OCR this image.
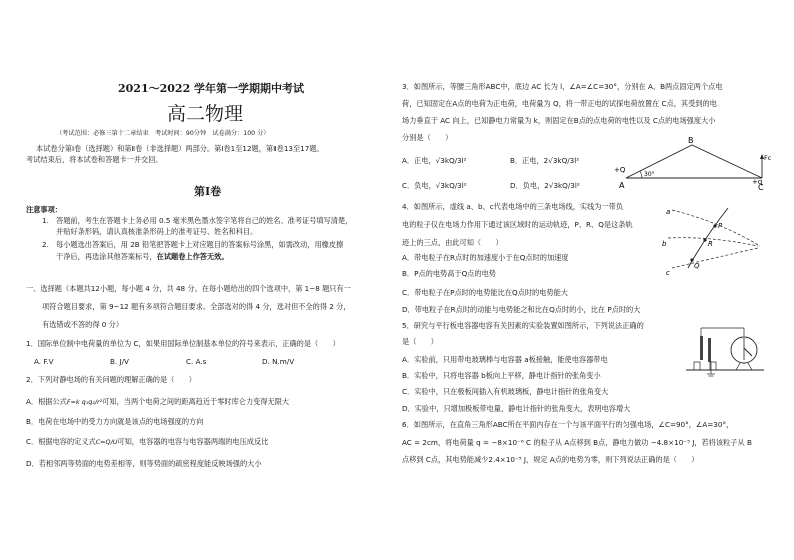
2021～2022 学年第一学期期中考试
高二物理
（考试范围：必修三第十二章结束　考试时间：90分钟　试卷满分：100 分）
本试卷分第Ⅰ卷（选择题）和第Ⅱ卷（非选择题）两部分。第Ⅰ卷1至12题，第Ⅱ卷13至17题。
考试结束后，将本试卷和答题卡一并交回。
第Ⅰ卷
注意事项：
1.　答题前，考生在答题卡上务必用 0.5 毫米黑色墨水签字笔将自己的姓名、准考证号填写清楚，
并贴好条形码，请认真核准条形码上的准考证号、姓名和科目。
2.　每小题选出答案后，用 2B 铅笔把答题卡上对应题目的答案标号涂黑，如需改动，用橡皮擦
干净后，再选涂其他答案标号，在试题卷上作答无效。
一、选择题（本题共12小题，每小题 4 分，共 48 分。在每小题给出的四个选项中，第 1~8 题只有一
项符合题目要求，第 9~12 题有多项符合题目要求。全部选对的得 4 分，选对但不全的得 2 分，
有选错或不答的得 0 分）
1．国际单位制中电荷量的单位为 C，如果用国际单位制基本单位的符号来表示，正确的是（　　）
A. F.V	B. J/V	C. A.s	D. N.m/V
2．下列对静电场的有关问题的理解正确的是（　　）
A．根据公式F=k q₁q₂/r²可知，当两个电荷之间的距离趋近于零时库仑力变得无限大
B．电荷在电场中的受力方向就是该点的电场强度的方向
C．根据电容的定义式C=Q/U可知，电容器的电容与电容器两端的电压成反比
D．若相邻两等势面的电势差相等，则等势面的疏密程度能反映场强的大小
3．如图所示，等腰三角形ABC中，底边 AC 长为 l，∠A=∠C=30°，分别在 A、B两点固定两个点电
荷，已知固定在A点的电荷为正电荷，电荷量为 Q，将一带正电的试探电荷放置在 C点，其受到的电
场力垂直于 AC 向上，已知静电力常量为 k，则固定在B点的点电荷的电性以及 C点的电场强度大小
分别是（　　）
A．正电，√3kQ/3l²	B．正电，2√3kQ/3l²
C．负电，√3kQ/3l²	D．负电，2√3kQ/3l²
B
A	C
+Q
+q
30°
Fc
4．如图所示，虚线 a、b、c代表电场中的三条电场线，实线为一带负
电的粒子仅在电场力作用下通过该区域时的运动轨迹，P、R、Q是这条轨
迹上的三点，由此可知（　　）
A．带电粒子在R点时的加速度小于在Q点时的加速度
B．P点的电势高于Q点的电势
C．带电粒子在P点时的电势能比在Q点时的电势能大
D．带电粒子在R点时的动能与电势能之和比在Q点时的小，比在 P点时的大
a
b
c
P
R
Q
5．研究与平行板电容器电容有关因素的实验装置如图所示，下列说法正确的
是（　　）
A．实验前，只用带电玻璃棒与电容器 a板接触，能使电容器带电
B．实验中，只将电容器 b板向上平移，静电计指针的张角变小
C．实验中，只在极板间插入有机玻璃板，静电计指针的张角变大
D．实验中，只增加极板带电量，静电计指针的张角变大，表明电容增大
6．如图所示，在直角三角形ABC所在平面内存在一个与该平面平行的匀强电场，∠C=90°，∠A=30°，
AC = 2cm，将电荷量 q = −8×10⁻⁶ C 的粒子从 A点移到 B点，静电力做功 −4.8×10⁻⁵ J，若将该粒子从 B
点移到 C点，其电势能减少2.4×10⁻⁵ J，规定 A点的电势为零，则下列说法正确的是（　　）
